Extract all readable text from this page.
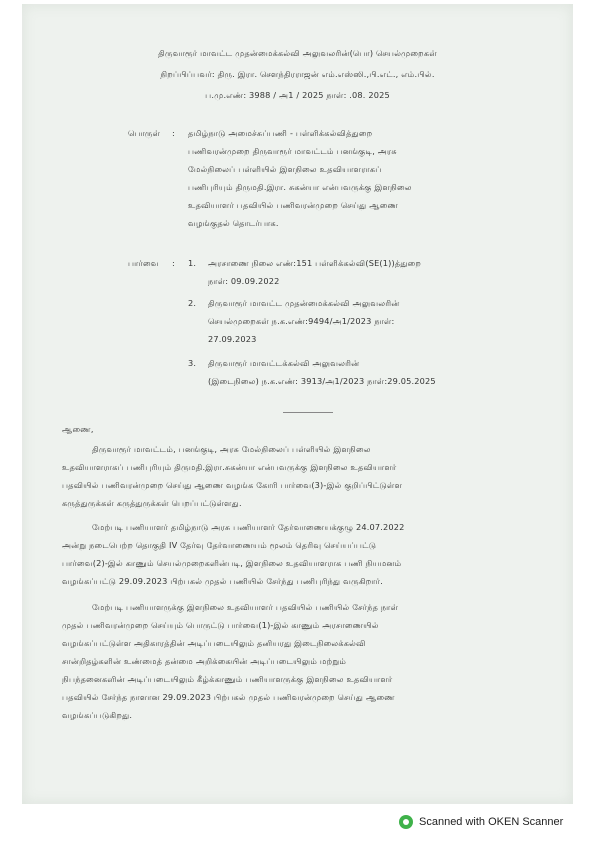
திருவாரூர் மாவட்ட முதன்மைக்கல்வி அலுவலரின்(பொ) செயல்முறைகள்
நிறப்பிப்பவர்: திரு. இரா. சௌந்திரராஜன் எம்.எஸ்ஸி.,பி.எட்., எம்.பில்.
ப.மு.எண்: 3988 / அ1 / 2025 நாள்: .08. 2025
பொருள் : தமிழ்நாடு அமைச்சுப்பணி - பள்ளிக்கல்வித்துறை
பணிவரன்முறை திருவாரூர் மாவட்டம் பனங்குடி, அரசு
மேல்நிலைப் பள்ளியில் இளநிலை உதவியாளராகப்
பணிபுரியும் திருமதி.இரா. சுகன்யா என்பவருக்கு இளநிலை
உதவியாளர் பதவியில் பணிவரன்முறை செய்து ஆணை
வழங்குதல் தொடர்பாக.
பார்வை : 1. அரசாணை நிலை எண்:151 பள்ளிக்கல்வி(SE(1))த்துறை
நாள்: 09.09.2022
2. திருவாரூர் மாவட்ட முதன்மைக்கல்வி அலுவலரின்
செயல்முறைகள் ந.க.எண்:9494/அ1/2023 நாள்:
27.09.2023
3. திருவாரூர் மாவட்டக்கல்வி அலுவலரின்
(இடைநிலை) ந.க.எண்: 3913/அ1/2023 நாள்:29.05.2025
ஆணை,
திருவாரூர் மாவட்டம், பனங்குடி, அரசு மேல்நிலைப் பள்ளியில் இளநிலை
உதவியாளராகப் பணிபுரியும் திருமதி.இரா.சுகன்யா என்பவருக்கு இளநிலை உதவியாளர்
பதவியில் பணிவரன்முறை செய்து ஆணை வழங்க கோரி பார்வை(3)-இல் குறிப்பிட்டுள்ள
கருத்துருக்கள் கருத்துருக்கள் பெறப்பட்டுள்ளது.
மேற்படி பணியாளர் தமிழ்நாடு அரசு பணியாளர் தேர்வாணையக்குழு 24.07.2022
அன்று நடைபெற்ற தொகுதி IV தேர்வு தேர்வாணையம் மூலம் தெரிவு செய்யப்பட்டு
பார்வை(2)-இல் காணும் செயல்முறைகளின்படி, இளநிலை உதவியாளராக பணி நியமனம்
வழங்கப்பட்டு 29.09.2023 பிற்பகல் முதல் பணியில் சேர்ந்து பணிபுரிந்து வருகிறார்.
மேற்படி பணியாளருக்கு இளநிலை உதவியாளர் பதவியில் பணியில் சேர்ந்த நாள்
முதல் பணிவரன்முறை செய்யும் பொருட்டு பார்வை(1)-இல் காணும் அரசாணையில்
வழங்கப்பட்டுள்ள அதிகாரத்தின் அடிப்படையிலும் தனியரது இடைநிலைக்கல்வி
சான்றிதழ்களின் உண்மைத் தன்மை அறிக்கையின் அடிப்படையிலும் மற்றும்
நிபந்தனைகளின் அடிப்படையிலும் கீழ்க்காணும் பணியாளருக்கு இளநிலை உதவியாளர்
பதவியில் சேர்ந்த நாளான 29.09.2023 பிற்பகல் முதல் பணிவரன்முறை செய்து ஆணை
வழங்கப்படுகிறது.
Scanned with OKEN Scanner
